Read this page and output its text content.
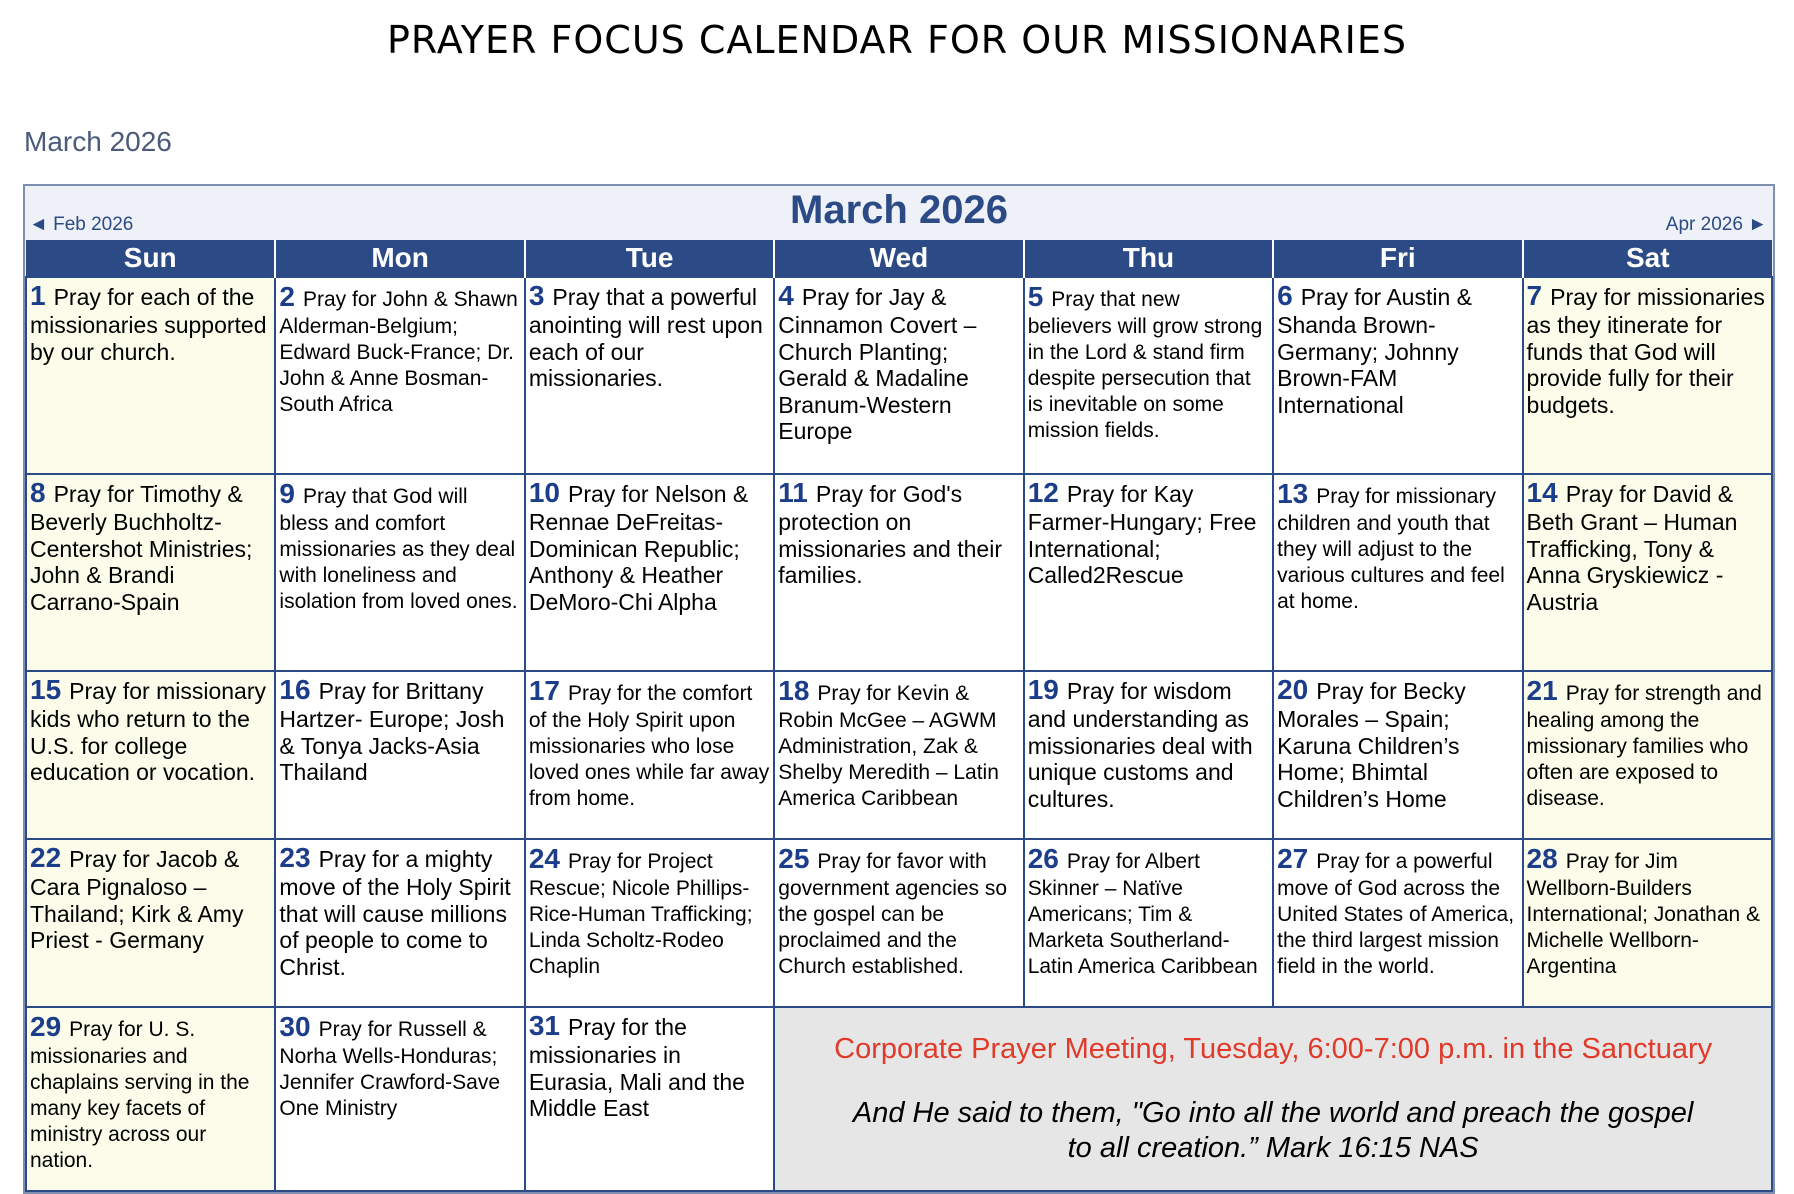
PRAYER FOCUS CALENDAR FOR OUR MISSIONARIES
March 2026
◄ Feb 2026	March 2026	Apr 2026 ►
Sun	Mon	Tue	Wed	Thu	Fri	Sat
1 Pray for each of the missionaries supported by our church.	2 Pray for John & Shawn Alderman-Belgium; Edward Buck-France; Dr. John & Anne Bosman-South Africa	3 Pray that a powerful anointing will rest upon each of our missionaries.	4 Pray for Jay & Cinnamon Covert – Church Planting; Gerald & Madaline Branum-Western Europe	5 Pray that new believers will grow strong in the Lord & stand firm despite persecution that is inevitable on some mission fields.	6 Pray for Austin & Shanda Brown-Germany; Johnny Brown-FAM International	7 Pray for missionaries as they itinerate for funds that God will provide fully for their budgets.
8 Pray for Timothy & Beverly Buchholtz-Centershot Ministries; John & Brandi Carrano-Spain	9 Pray that God will bless and comfort missionaries as they deal with loneliness and isolation from loved ones.	10 Pray for Nelson & Rennae DeFreitas-Dominican Republic; Anthony & Heather DeMoro-Chi Alpha	11 Pray for God's protection on missionaries and their families.	12 Pray for Kay Farmer-Hungary; Free International; Called2Rescue	13 Pray for missionary children and youth that they will adjust to the various cultures and feel at home.	14 Pray for David & Beth Grant – Human Trafficking, Tony & Anna Gryskiewicz - Austria
15 Pray for missionary kids who return to the U.S. for college education or vocation.	16 Pray for Brittany Hartzer- Europe; Josh & Tonya Jacks-Asia Thailand	17 Pray for the comfort of the Holy Spirit upon missionaries who lose loved ones while far away from home.	18 Pray for Kevin & Robin McGee – AGWM Administration, Zak & Shelby Meredith – Latin America Caribbean	19 Pray for wisdom and understanding as missionaries deal with unique customs and cultures.	20 Pray for Becky Morales – Spain; Karuna Children’s Home; Bhimtal Children’s Home	21 Pray for strength and healing among the missionary families who often are exposed to disease.
22 Pray for Jacob & Cara Pignaloso – Thailand; Kirk & Amy Priest - Germany	23 Pray for a mighty move of the Holy Spirit that will cause millions of people to come to Christ.	24 Pray for Project Rescue; Nicole Phillips-Rice-Human Trafficking; Linda Scholtz-Rodeo Chaplin	25 Pray for favor with government agencies so the gospel can be proclaimed and the Church established.	26 Pray for Albert Skinner – Natïve Americans; Tim & Marketa Southerland-Latin America Caribbean	27 Pray for a powerful move of God across the United States of America, the third largest mission field in the world.	28 Pray for Jim Wellborn-Builders International; Jonathan & Michelle Wellborn-Argentina
29 Pray for U. S. missionaries and chaplains serving in the many key facets of ministry across our nation.	30 Pray for Russell & Norha Wells-Honduras; Jennifer Crawford-Save One Ministry	31 Pray for the missionaries in Eurasia, Mali and the Middle East	Corporate Prayer Meeting, Tuesday, 6:00-7:00 p.m. in the Sanctuary
And He said to them, "Go into all the world and preach the gospel
to all creation.” Mark 16:15 NAS			
